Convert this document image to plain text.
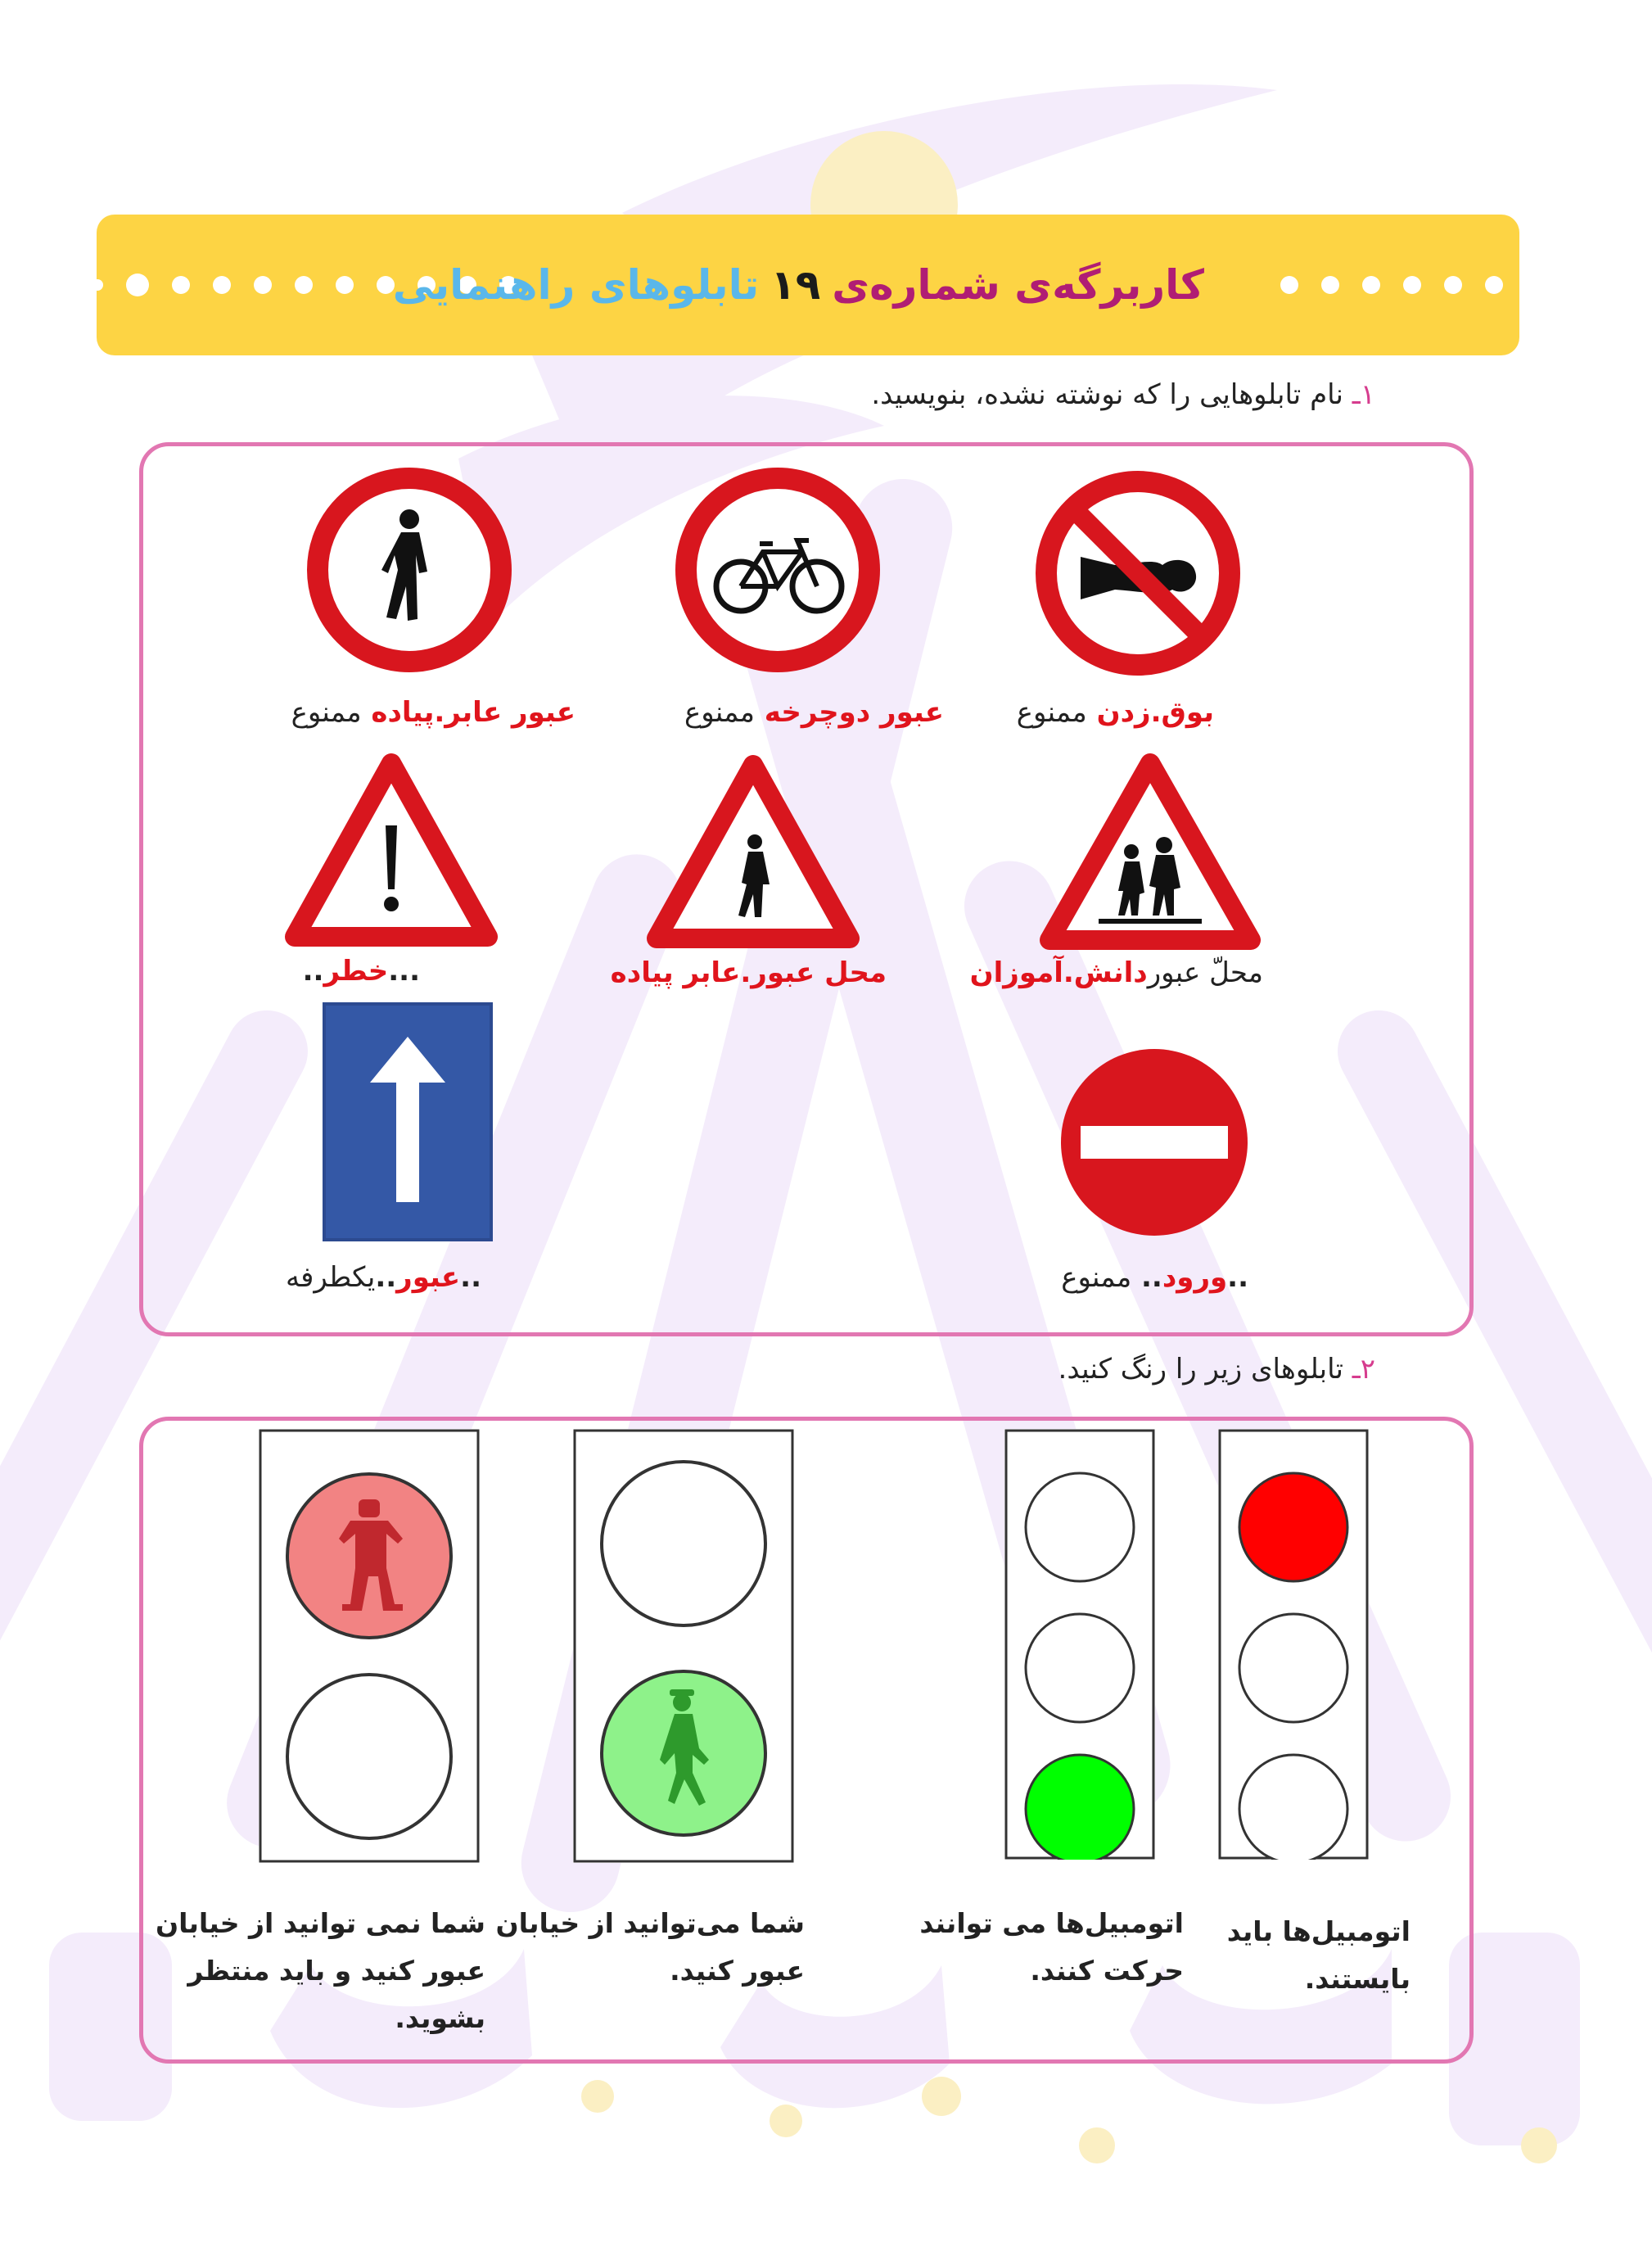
کاربرگه‌ی شماره‌ی
۱۹
تابلوهای راهنمایی
۱ـ نام تابلوهایی را که نوشته نشده، بنویسید.
بوق.زدن ممنوع
عبور دوچرخه ممنوع
عبور عابر.پیاده ممنوع
محلّ عبوردانش.آموزان
محل عبور.عابر پیاده
...خطر..
..ورود.. ممنوع
..عبور..یکطرفه
۲ـ تابلوهای زیر را رنگ کنید.
اتومبیل‌ها باید
بایستند.
اتومبیل‌ها می توانند
حرکت کنند.
شما می‌توانید از خیابان
عبور کنید.
شما نمی توانید از خیابان
عبور کنید و باید منتظر
بشوید.
